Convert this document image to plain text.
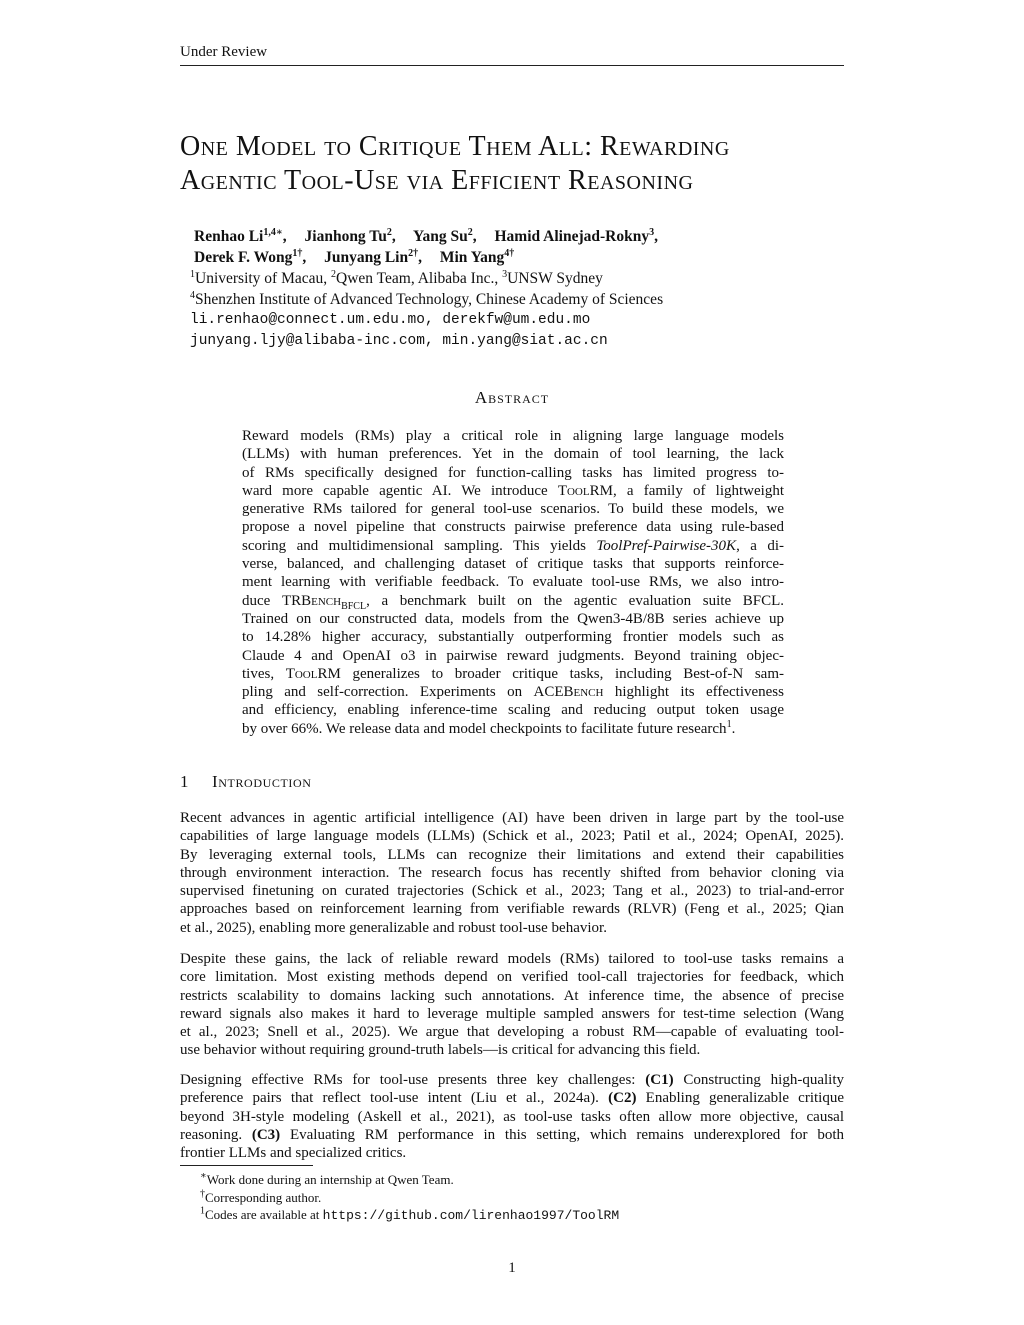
Under Review
One Model to Critique Them All: Rewarding
Agentic Tool-Use via Efficient Reasoning
Renhao $Li^{1,4∗}$, Jianhong Tu$^2$, Yang Su$^2$, Hamid Alinejad-Rokny$^3$,
Derek F. Wong$^{1\dagger}$, Junyang Lin$^{2\dagger}$, Min Yang$^{4\dagger}$
$^1$University of Macau, $^2$Qwen Team, Alibaba Inc., $^3$UNSW Sydney
$^4$Shenzhen Institute of Advanced Technology, Chinese Academy of Sciences
li.renhao@connect.um.edu.mo, derekfw@um.edu.mo
junyang.ljy@alibaba-inc.com, min.yang@siat.ac.cn
Abstract
Reward models (RMs) play a critical role in aligning large language models
(LLMs) with human preferences. Yet in the domain of tool learning, the lack
of RMs specifically designed for function-calling tasks has limited progress to-
ward more capable agentic AI. We introduce ToolRM, a family of lightweight
generative RMs tailored for general tool-use scenarios. To build these models, we
propose a novel pipeline that constructs pairwise preference data using rule-based
scoring and multidimensional sampling. This yields ToolPref-Pairwise-30K, a di-
verse, balanced, and challenging dataset of critique tasks that supports reinforce-
ment learning with verifiable feedback. To evaluate tool-use RMs, we also intro-
duce TRBench$_{BFCL}$, a benchmark built on the agentic evaluation suite BFCL.
Trained on our constructed data, models from the Qwen3-4B/8B series achieve up
to 14.28% higher accuracy, substantially outperforming frontier models such as
Claude 4 and OpenAI o3 in pairwise reward judgments. Beyond training objec-
tives, ToolRM generalizes to broader critique tasks, including Best-of-N sam-
pling and self-correction. Experiments on ACEBench highlight its effectiveness
and efficiency, enabling inference-time scaling and reducing output token usage
by over 66%. We release data and model checkpoints to facilitate future research$^1$.
1 Introduction
Recent advances in agentic artificial intelligence (AI) have been driven in large part by the tool-use
capabilities of large language models (LLMs) (Schick et al., 2023; Patil et al., 2024; OpenAI, 2025).
By leveraging external tools, LLMs can recognize their limitations and extend their capabilities
through environment interaction. The research focus has recently shifted from behavior cloning via
supervised finetuning on curated trajectories (Schick et al., 2023; Tang et al., 2023) to trial-and-error
approaches based on reinforcement learning from verifiable rewards (RLVR) (Feng et al., 2025; Qian
et al., 2025), enabling more generalizable and robust tool-use behavior.
Despite these gains, the lack of reliable reward models (RMs) tailored to tool-use tasks remains a
core limitation. Most existing methods depend on verified tool-call trajectories for feedback, which
restricts scalability to domains lacking such annotations. At inference time, the absence of precise
reward signals also makes it hard to leverage multiple sampled answers for test-time selection (Wang
et al., 2023; Snell et al., 2025). We argue that developing a robust RM—capable of evaluating tool-
use behavior without requiring ground-truth labels—is critical for advancing this field.
Designing effective RMs for tool-use presents three key challenges: (C1) Constructing high-quality
preference pairs that reflect tool-use intent (Liu et al., 2024a). (C2) Enabling generalizable critique
beyond 3H-style modeling (Askell et al., 2021), as tool-use tasks often allow more objective, causal
reasoning. (C3) Evaluating RM performance in this setting, which remains underexplored for both
frontier LLMs and specialized critics.
∗Work done during an internship at Qwen Team.
†Corresponding author.
$^1$Codes are available at https://github.com/lirenhao1997/ToolRM
1
